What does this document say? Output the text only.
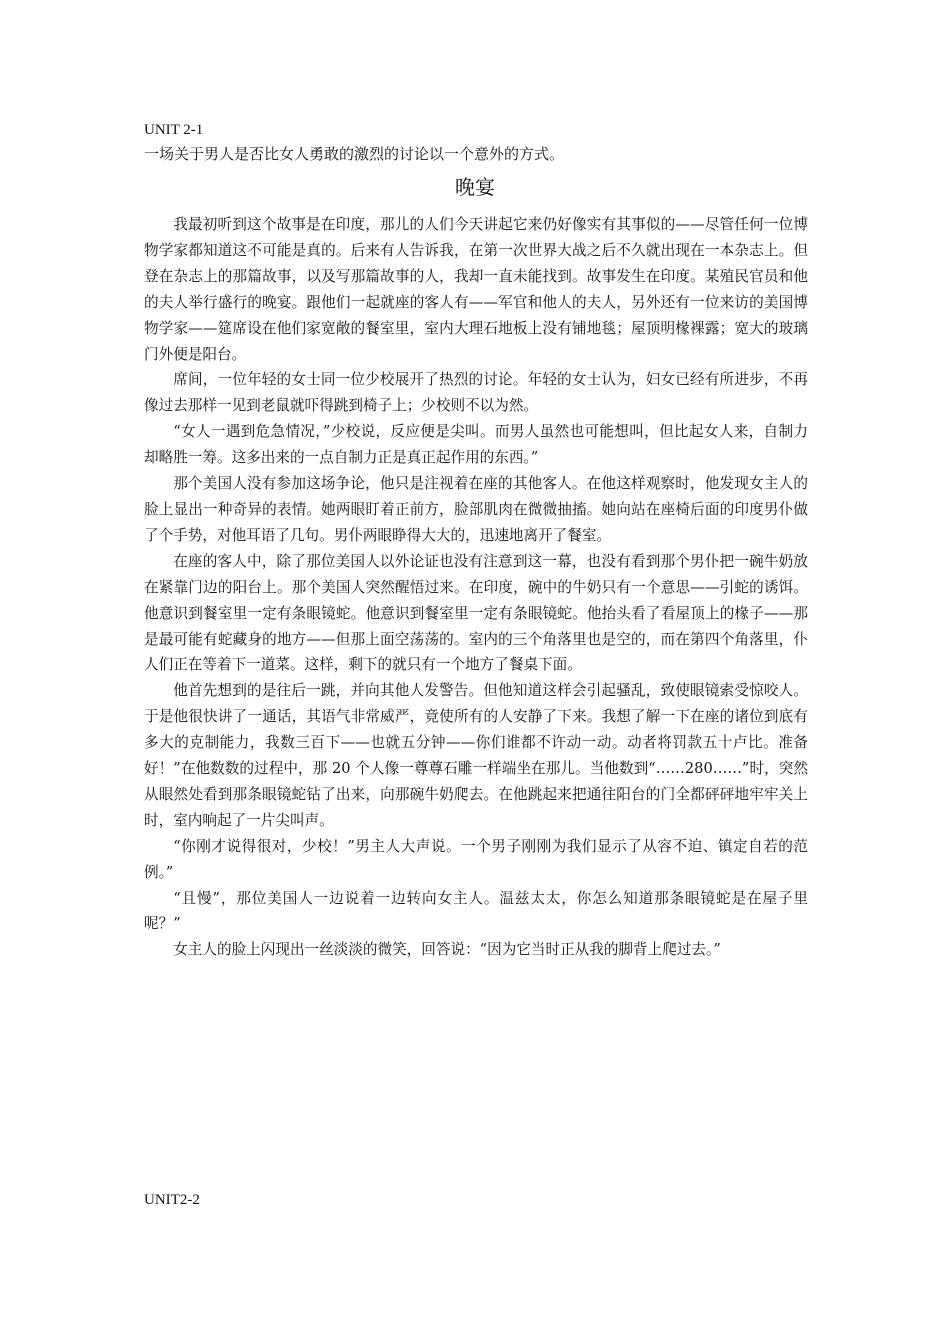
UNIT 2-1
一场关于男人是否比女人勇敢的激烈的讨论以一个意外的方式。
晚宴

我最初听到这个故事是在印度，那儿的人们今天讲起它来仍好像实有其事似的——尽管任何一位博物学家都知道这不可能是真的。后来有人告诉我，在第一次世界大战之后不久就出现在一本杂志上。但登在杂志上的那篇故事，以及写那篇故事的人，我却一直未能找到。故事发生在印度。某殖民官员和他的夫人举行盛行的晚宴。跟他们一起就座的客人有——军官和他人的夫人，另外还有一位来访的美国博物学家——筵席设在他们家宽敞的餐室里，室内大理石地板上没有铺地毯；屋顶明椽裸露；宽大的玻璃门外便是阳台。

席间，一位年轻的女士同一位少校展开了热烈的讨论。年轻的女士认为，妇女已经有所进步，不再像过去那样一见到老鼠就吓得跳到椅子上；少校则不以为然。

“女人一遇到危急情况，”少校说，反应便是尖叫。而男人虽然也可能想叫，但比起女人来，自制力却略胜一筹。这多出来的一点自制力正是真正起作用的东西。”

那个美国人没有参加这场争论，他只是注视着在座的其他客人。在他这样观察时，他发现女主人的脸上显出一种奇异的表情。她两眼盯着正前方，脸部肌肉在微微抽搐。她向站在座椅后面的印度男仆做了个手势，对他耳语了几句。男仆两眼睁得大大的，迅速地离开了餐室。

在座的客人中，除了那位美国人以外论证也没有注意到这一幕，也没有看到那个男仆把一碗牛奶放在紧靠门边的阳台上。那个美国人突然醒悟过来。在印度，碗中的牛奶只有一个意思——引蛇的诱饵。他意识到餐室里一定有条眼镜蛇。他意识到餐室里一定有条眼镜蛇。他抬头看了看屋顶上的椽子——那是最可能有蛇藏身的地方——但那上面空荡荡的。室内的三个角落里也是空的，而在第四个角落里，仆人们正在等着下一道菜。这样，剩下的就只有一个地方了餐桌下面。

他首先想到的是往后一跳，并向其他人发警告。但他知道这样会引起骚乱，致使眼镜索受惊咬人。于是他很快讲了一通话，其语气非常威严，竟使所有的人安静了下来。我想了解一下在座的诸位到底有多大的克制能力，我数三百下——也就五分钟——你们谁都不许动一动。动者将罚款五十卢比。准备好！”在他数数的过程中，那 20 个人像一尊尊石雕一样端坐在那儿。当他数到“……280……”时，突然从眼然处看到那条眼镜蛇钻了出来，向那碗牛奶爬去。在他跳起来把通往阳台的门全都砰砰地牢牢关上时，室内响起了一片尖叫声。

“你刚才说得很对，少校！”男主人大声说。一个男子刚刚为我们显示了从容不迫、镇定自若的范例。”

“且慢”，那位美国人一边说着一边转向女主人。温兹太太，你怎么知道那条眼镜蛇是在屋子里呢？”

女主人的脸上闪现出一丝淡淡的微笑，回答说：“因为它当时正从我的脚背上爬过去。”

UNIT2-2
